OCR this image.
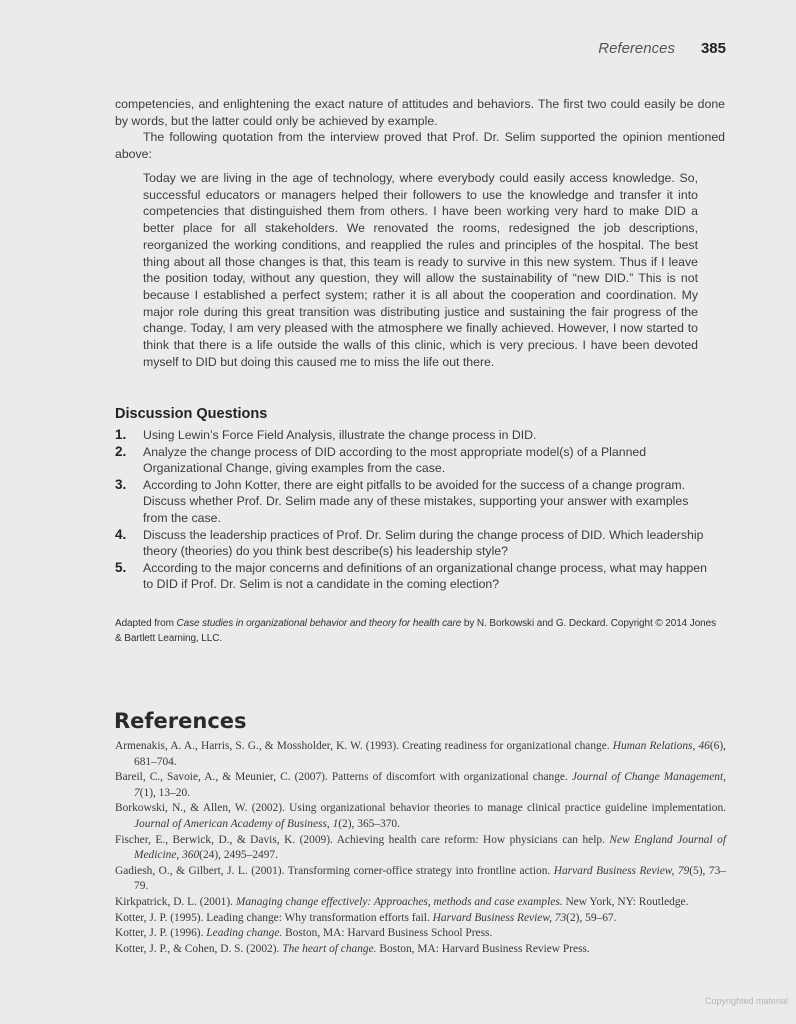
References 385

competencies, and enlightening the exact nature of attitudes and behaviors. The first two could easily be done by words, but the latter could only be achieved by example.

The following quotation from the interview proved that Prof. Dr. Selim supported the opinion mentioned above:

Today we are living in the age of technology, where everybody could easily access knowledge. So, successful educators or managers helped their followers to use the knowledge and transfer it into competencies that distinguished them from others. I have been working very hard to make DID a better place for all stakeholders. We renovated the rooms, redesigned the job descriptions, reorganized the working conditions, and reapplied the rules and principles of the hospital. The best thing about all those changes is that, this team is ready to survive in this new system. Thus if I leave the position today, without any question, they will allow the sustainability of “new DID.” This is not because I established a perfect system; rather it is all about the cooperation and coordination. My major role during this great transition was distributing justice and sustaining the fair progress of the change. Today, I am very pleased with the atmosphere we finally achieved. However, I now started to think that there is a life outside the walls of this clinic, which is very precious. I have been devoted myself to DID but doing this caused me to miss the life out there.

Discussion Questions
1.	Using Lewin’s Force Field Analysis, illustrate the change process in DID.
2.	Analyze the change process of DID according to the most appropriate model(s) of a Planned Organizational Change, giving examples from the case.
3.	According to John Kotter, there are eight pitfalls to be avoided for the success of a change program. Discuss whether Prof. Dr. Selim made any of these mistakes, supporting your answer with examples from the case.
4.	Discuss the leadership practices of Prof. Dr. Selim during the change process of DID. Which leadership theory (theories) do you think best describe(s) his leadership style?
5.	According to the major concerns and definitions of an organizational change process, what may happen to DID if Prof. Dr. Selim is not a candidate in the coming election?
Adapted from Case studies in organizational behavior and theory for health care by N. Borkowski and G. Deckard. Copyright © 2014 Jones & Bartlett Learning, LLC.
References
Armenakis, A. A., Harris, S. G., & Mossholder, K. W. (1993). Creating readiness for organizational change. Human Relations, 46(6), 681–704.
Bareil, C., Savoie, A., & Meunier, C. (2007). Patterns of discomfort with organizational change. Journal of Change Management, 7(1), 13–20.
Borkowski, N., & Allen, W. (2002). Using organizational behavior theories to manage clinical practice guideline implementation. Journal of American Academy of Business, 1(2), 365–370.
Fischer, E., Berwick, D., & Davis, K. (2009). Achieving health care reform: How physicians can help. New England Journal of Medicine, 360(24), 2495–2497.
Gadiesh, O., & Gilbert, J. L. (2001). Transforming corner-office strategy into frontline action. Harvard Business Review, 79(5), 73–79.
Kirkpatrick, D. L. (2001). Managing change effectively: Approaches, methods and case examples. New York, NY: Routledge.
Kotter, J. P. (1995). Leading change: Why transformation efforts fail. Harvard Business Review, 73(2), 59–67.
Kotter, J. P. (1996). Leading change. Boston, MA: Harvard Business School Press.
Kotter, J. P., & Cohen, D. S. (2002). The heart of change. Boston, MA: Harvard Business Review Press.
Copyrighted material
